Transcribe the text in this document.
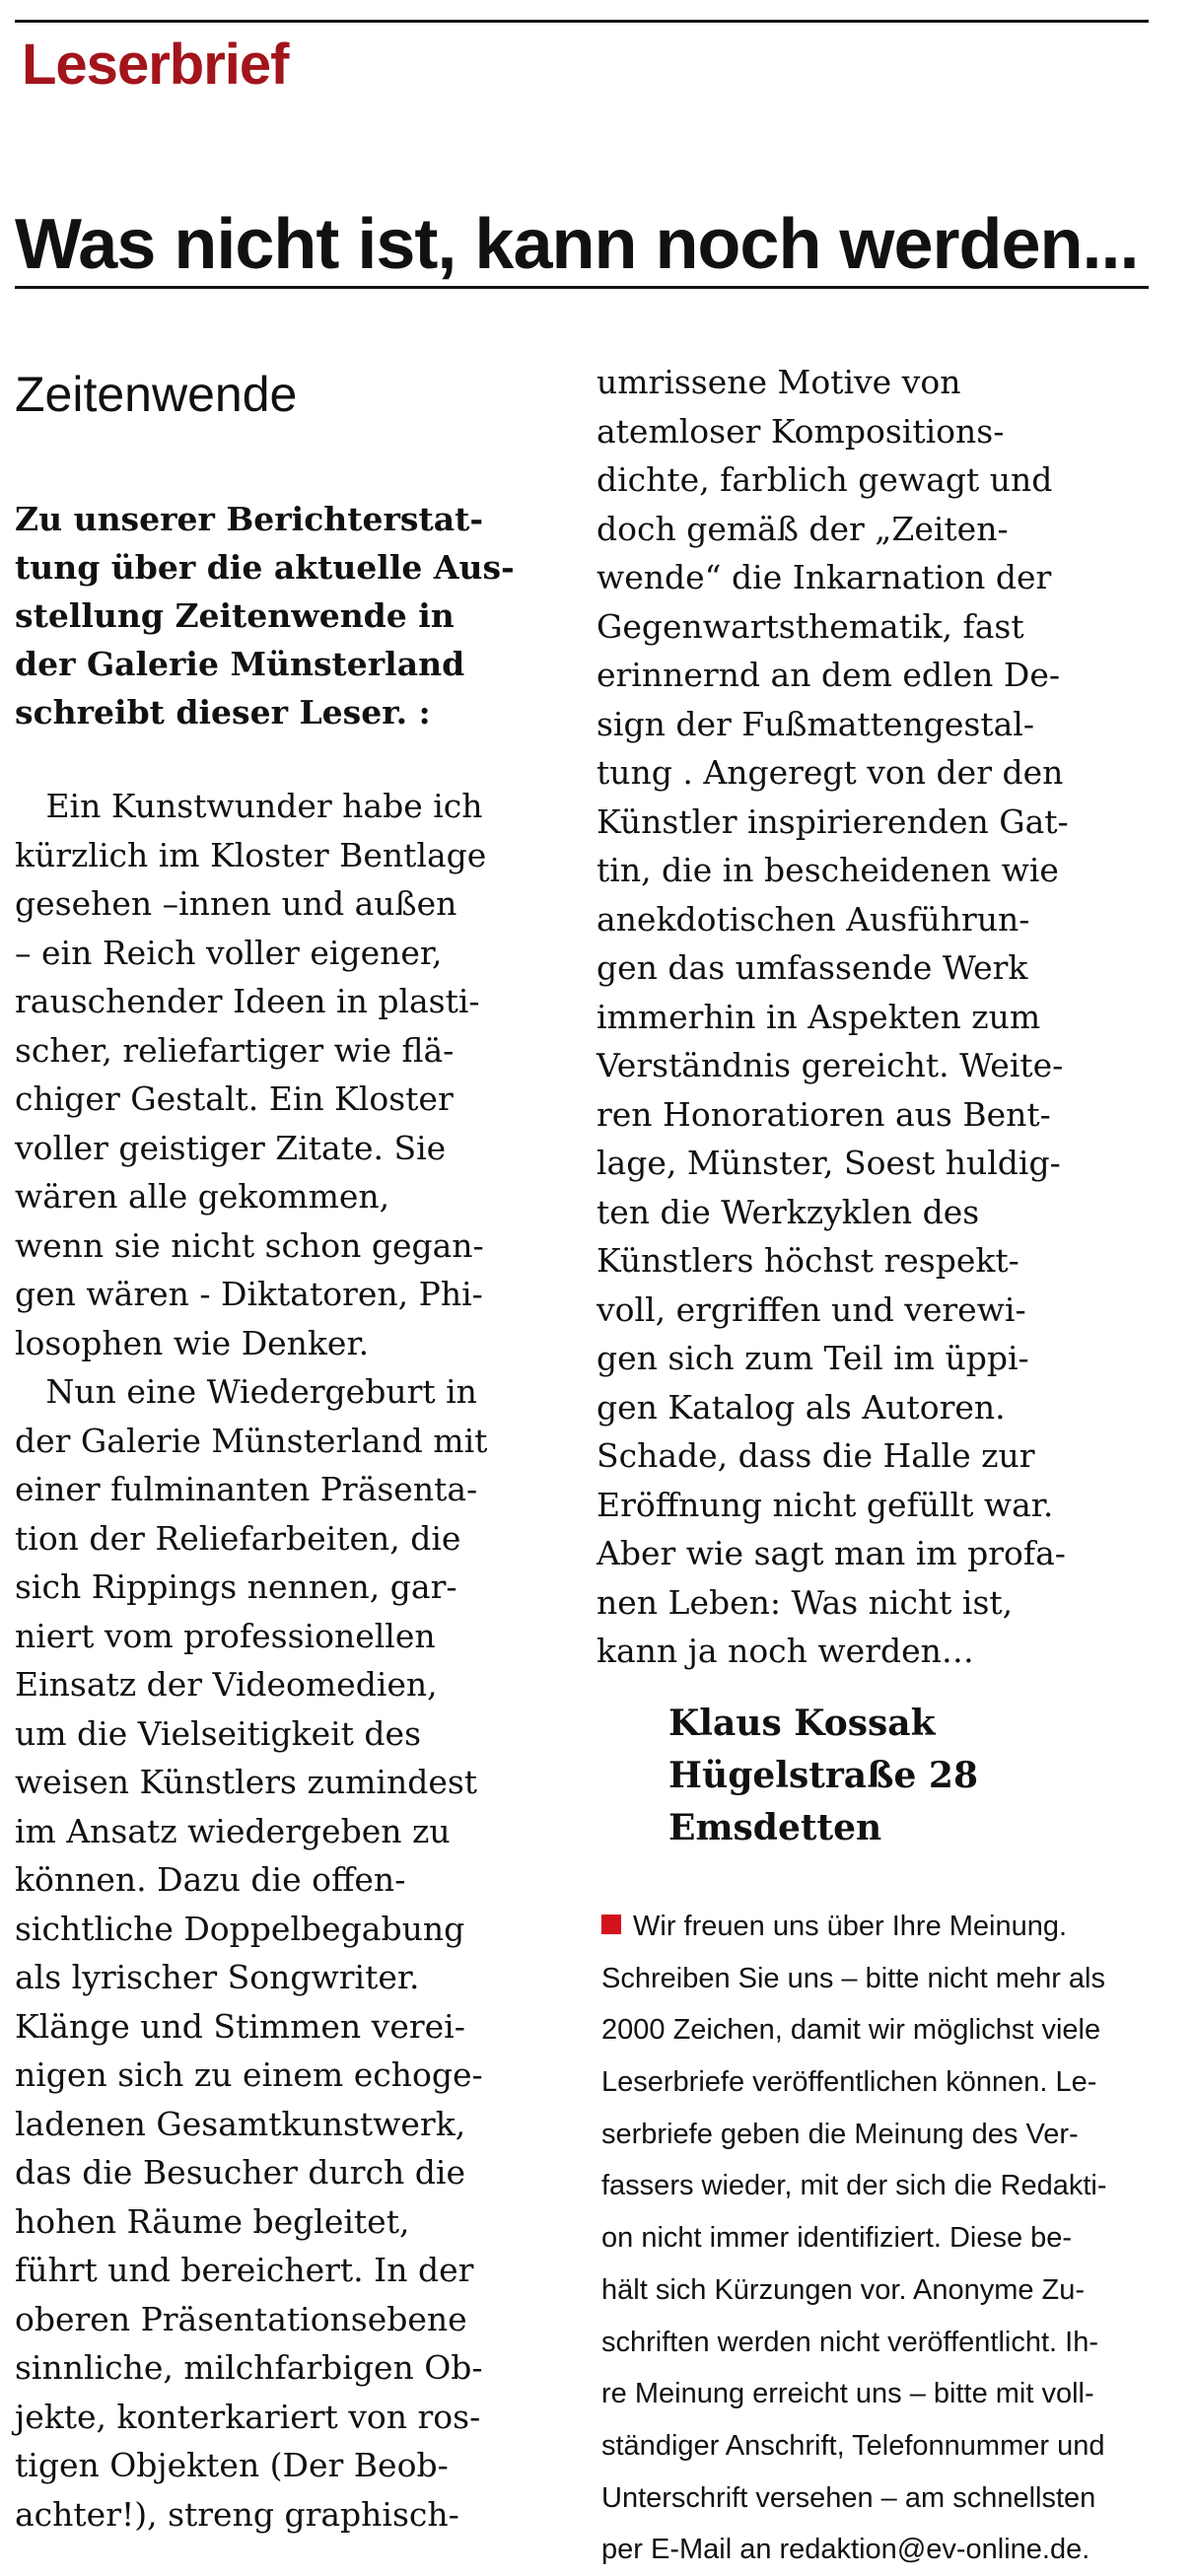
Leserbrief
Was nicht ist, kann noch werden...
Zeitenwende
Zu unserer Berichterstat-
tung über die aktuelle Aus-
stellung Zeitenwende in
der Galerie Münsterland
schreibt dieser Leser. :
Ein Kunstwunder habe ich
kürzlich im Kloster Bentlage
gesehen –innen und außen
– ein Reich voller eigener,
rauschender Ideen in plasti-
scher, reliefartiger wie flä-
chiger Gestalt. Ein Kloster
voller geistiger Zitate. Sie
wären alle gekommen,
wenn sie nicht schon gegan-
gen wären - Diktatoren, Phi-
losophen wie Denker.
Nun eine Wiedergeburt in
der Galerie Münsterland mit
einer fulminanten Präsenta-
tion der Reliefarbeiten, die
sich Rippings nennen, gar-
niert vom professionellen
Einsatz der Videomedien,
um die Vielseitigkeit des
weisen Künstlers zumindest
im Ansatz wiedergeben zu
können. Dazu die offen-
sichtliche Doppelbegabung
als lyrischer Songwriter.
Klänge und Stimmen verei-
nigen sich zu einem echoge-
ladenen Gesamtkunstwerk,
das die Besucher durch die
hohen Räume begleitet,
führt und bereichert. In der
oberen Präsentationsebene
sinnliche, milchfarbigen Ob-
jekte, konterkariert von ros-
tigen Objekten (Der Beob-
achter!), streng graphisch-
umrissene Motive von
atemloser Kompositions-
dichte, farblich gewagt und
doch gemäß der „Zeiten-
wende“ die Inkarnation der
Gegenwartsthematik, fast
erinnernd an dem edlen De-
sign der Fußmattengestal-
tung . Angeregt von der den
Künstler inspirierenden Gat-
tin, die in bescheidenen wie
anekdotischen Ausführun-
gen das umfassende Werk
immerhin in Aspekten zum
Verständnis gereicht. Weite-
ren Honoratioren aus Bent-
lage, Münster, Soest huldig-
ten die Werkzyklen des
Künstlers höchst respekt-
voll, ergriffen und verewi-
gen sich zum Teil im üppi-
gen Katalog als Autoren.
Schade, dass die Halle zur
Eröffnung nicht gefüllt war.
Aber wie sagt man im profa-
nen Leben: Was nicht ist,
kann ja noch werden…
Klaus Kossak
Hügelstraße 28
Emsdetten
Wir freuen uns über Ihre Meinung.
Schreiben Sie uns – bitte nicht mehr als
2000 Zeichen, damit wir möglichst viele
Leserbriefe veröffentlichen können. Le-
serbriefe geben die Meinung des Ver-
fassers wieder, mit der sich die Redakti-
on nicht immer identifiziert. Diese be-
hält sich Kürzungen vor. Anonyme Zu-
schriften werden nicht veröffentlicht. Ih-
re Meinung erreicht uns – bitte mit voll-
ständiger Anschrift, Telefonnummer und
Unterschrift versehen – am schnellsten
per E-Mail an redaktion@ev-online.de.
